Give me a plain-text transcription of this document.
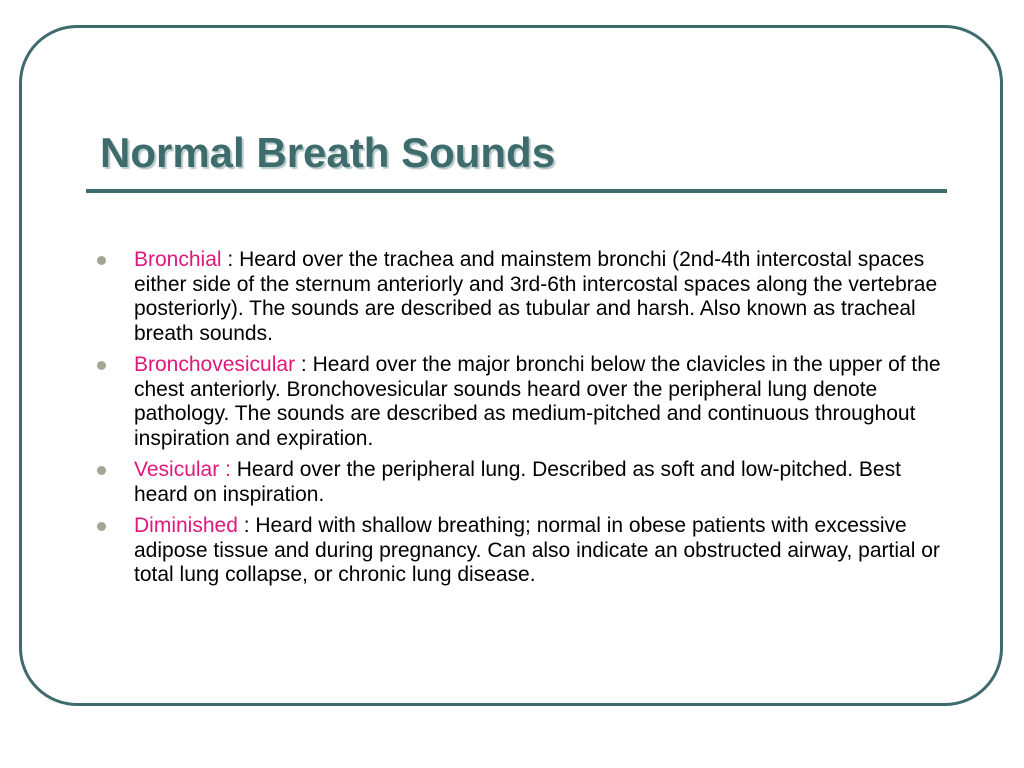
Normal Breath Sounds
Bronchial : Heard over the trachea and mainstem bronchi (2nd-4th intercostal spaces either side of the sternum anteriorly and 3rd-6th intercostal spaces along the vertebrae posteriorly). The sounds are described as tubular and harsh. Also known as tracheal breath sounds.
Bronchovesicular : Heard over the major bronchi below the clavicles in the upper of the chest anteriorly. Bronchovesicular sounds heard over the peripheral lung denote pathology. The sounds are described as medium-pitched and continuous throughout inspiration and expiration.
Vesicular : Heard over the peripheral lung. Described as soft and low-pitched. Best heard on inspiration.
Diminished : Heard with shallow breathing; normal in obese patients with excessive adipose tissue and during pregnancy. Can also indicate an obstructed airway, partial or total lung collapse, or chronic lung disease.
